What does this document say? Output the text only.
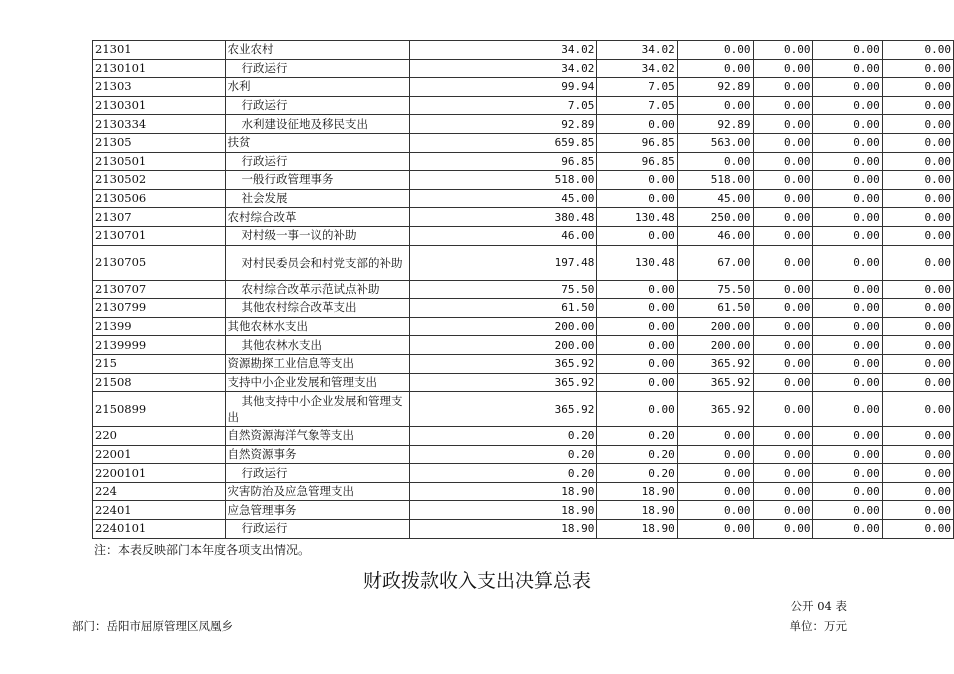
21301	农业农村	34.02	34.02	0.00	0.00	0.00	0.00
2130101	行政运行	34.02	34.02	0.00	0.00	0.00	0.00
21303	水利	99.94	7.05	92.89	0.00	0.00	0.00
2130301	行政运行	7.05	7.05	0.00	0.00	0.00	0.00
2130334	水利建设征地及移民支出	92.89	0.00	92.89	0.00	0.00	0.00
21305	扶贫	659.85	96.85	563.00	0.00	0.00	0.00
2130501	行政运行	96.85	96.85	0.00	0.00	0.00	0.00
2130502	一般行政管理事务	518.00	0.00	518.00	0.00	0.00	0.00
2130506	社会发展	45.00	0.00	45.00	0.00	0.00	0.00
21307	农村综合改革	380.48	130.48	250.00	0.00	0.00	0.00
2130701	对村级一事一议的补助	46.00	0.00	46.00	0.00	0.00	0.00
2130705	对村民委员会和村党支部的补助	197.48	130.48	67.00	0.00	0.00	0.00
2130707	农村综合改革示范试点补助	75.50	0.00	75.50	0.00	0.00	0.00
2130799	其他农村综合改革支出	61.50	0.00	61.50	0.00	0.00	0.00
21399	其他农林水支出	200.00	0.00	200.00	0.00	0.00	0.00
2139999	其他农林水支出	200.00	0.00	200.00	0.00	0.00	0.00
215	资源勘探工业信息等支出	365.92	0.00	365.92	0.00	0.00	0.00
21508	支持中小企业发展和管理支出	365.92	0.00	365.92	0.00	0.00	0.00
2150899	其他支持中小企业发展和管理支出	365.92	0.00	365.92	0.00	0.00	0.00
220	自然资源海洋气象等支出	0.20	0.20	0.00	0.00	0.00	0.00
22001	自然资源事务	0.20	0.20	0.00	0.00	0.00	0.00
2200101	行政运行	0.20	0.20	0.00	0.00	0.00	0.00
224	灾害防治及应急管理支出	18.90	18.90	0.00	0.00	0.00	0.00
22401	应急管理事务	18.90	18.90	0.00	0.00	0.00	0.00
2240101	行政运行	18.90	18.90	0.00	0.00	0.00	0.00
注：本表反映部门本年度各项支出情况。
财政拨款收入支出决算总表
公开 04 表
部门：岳阳市屈原管理区凤凰乡	单位：万元
